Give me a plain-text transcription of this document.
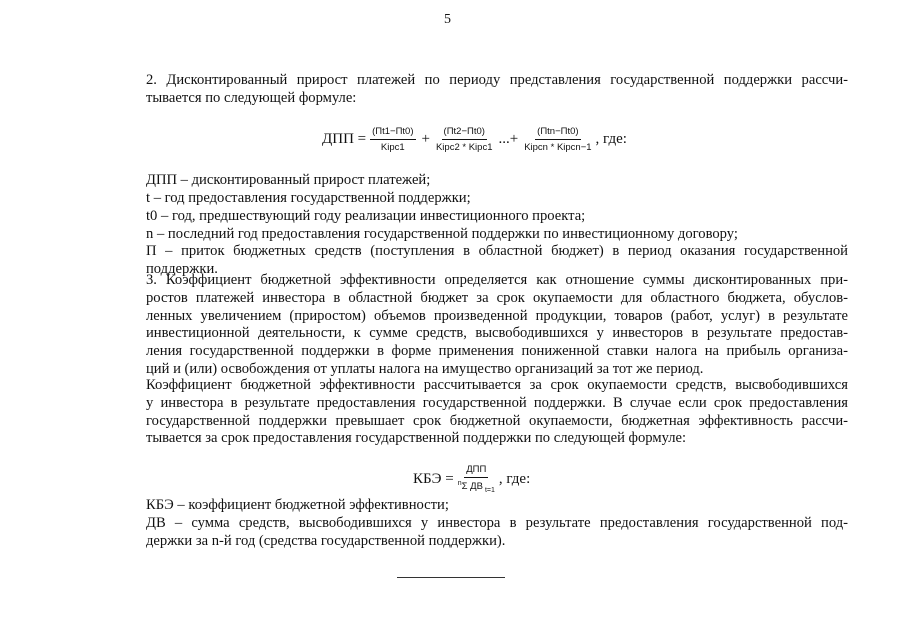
5

2. Дисконтированный прирост платежей по периоду представления государственной поддержки рассчи-
тывается по следующей формуле:

ДПП = $\frac{(Пt1-Пt0)}{\text{Kipc1}} + \frac{(Пt2-Пt0)}{\text{Kipc2 * Kipc1}}$ ...+ $\frac{\text{(Пtn−Пt0)}}{\text{Kipcn * Kipcn−1}}$ , где:
ДПП – дисконтированный прирост платежей;
t – год предоставления государственной поддержки;
t0 – год, предшествующий году реализации инвестиционного проекта;
n – последний год предоставления государственной поддержки по инвестиционному договору;

П – приток бюджетных средств (поступления в областной бюджет) в период оказания государственной
поддержки.

3. Коэффициент бюджетной эффективности определяется как отношение суммы дисконтированных при-
ростов платежей инвестора в областной бюджет за срок окупаемости для областного бюджета, обуслов-
ленных увеличением (приростом) объемов произведенной продукции, товаров (работ, услуг) в результате
инвестиционной деятельности, к сумме средств, высвободившихся у инвесторов в результате предостав-
ления государственной поддержки в форме применения пониженной ставки налога на прибыль организа-
ций и (или) освобождения от уплаты налога на имущество организаций за тот же период.

Коэффициент бюджетной эффективности рассчитывается за срок окупаемости средств, высвободившихся
у инвестора в результате предоставления государственной поддержки. В случае если срок предоставления
государственной поддержки превышает срок бюджетной окупаемости, бюджетная эффективность рассчи-
тывается за срок предоставления государственной поддержки по следующей формуле:

КБЭ = $\frac{\text{ДПП}}{^n\Sigma ДВ _{t=1}}$ , где:
КБЭ – коэффициент бюджетной эффективности;

ДВ – сумма средств, высвободившихся у инвестора в результате предоставления государственной под-
держки за n-й год (средства государственной поддержки).
